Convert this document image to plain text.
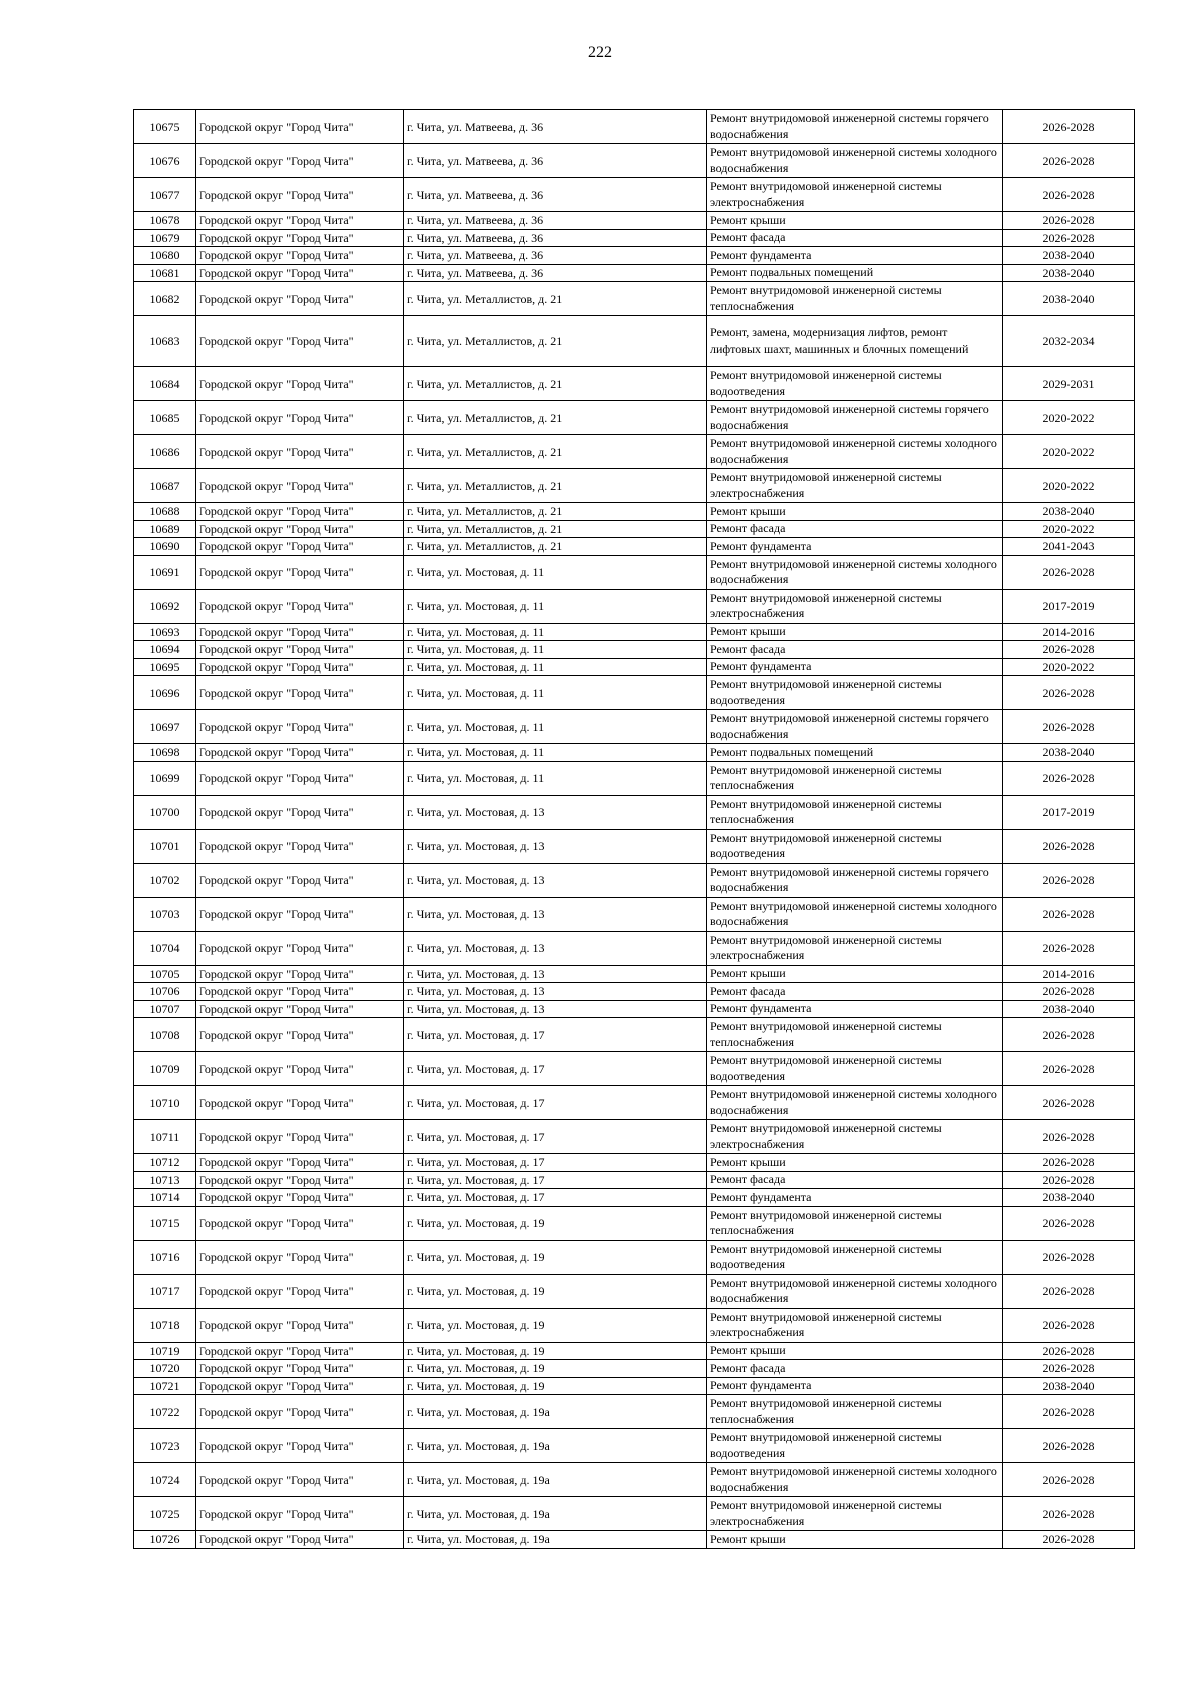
222
10675	Городской округ "Город Чита"	г. Чита, ул. Матвеева, д. 36	Ремонт внутридомовой инженерной системы горячего водоснабжения	2026-2028
10676	Городской округ "Город Чита"	г. Чита, ул. Матвеева, д. 36	Ремонт внутридомовой инженерной системы холодного водоснабжения	2026-2028
10677	Городской округ "Город Чита"	г. Чита, ул. Матвеева, д. 36	Ремонт внутридомовой инженерной системы электроснабжения	2026-2028
10678	Городской округ "Город Чита"	г. Чита, ул. Матвеева, д. 36	Ремонт крыши	2026-2028
10679	Городской округ "Город Чита"	г. Чита, ул. Матвеева, д. 36	Ремонт фасада	2026-2028
10680	Городской округ "Город Чита"	г. Чита, ул. Матвеева, д. 36	Ремонт фундамента	2038-2040
10681	Городской округ "Город Чита"	г. Чита, ул. Матвеева, д. 36	Ремонт подвальных помещений	2038-2040
10682	Городской округ "Город Чита"	г. Чита, ул. Металлистов, д. 21	Ремонт внутридомовой инженерной системы теплоснабжения	2038-2040
10683	Городской округ "Город Чита"	г. Чита, ул. Металлистов, д. 21	Ремонт, замена, модернизация лифтов, ремонт лифтовых шахт, машинных и блочных помещений	2032-2034
10684	Городской округ "Город Чита"	г. Чита, ул. Металлистов, д. 21	Ремонт внутридомовой инженерной системы водоотведения	2029-2031
10685	Городской округ "Город Чита"	г. Чита, ул. Металлистов, д. 21	Ремонт внутридомовой инженерной системы горячего водоснабжения	2020-2022
10686	Городской округ "Город Чита"	г. Чита, ул. Металлистов, д. 21	Ремонт внутридомовой инженерной системы холодного водоснабжения	2020-2022
10687	Городской округ "Город Чита"	г. Чита, ул. Металлистов, д. 21	Ремонт внутридомовой инженерной системы электроснабжения	2020-2022
10688	Городской округ "Город Чита"	г. Чита, ул. Металлистов, д. 21	Ремонт крыши	2038-2040
10689	Городской округ "Город Чита"	г. Чита, ул. Металлистов, д. 21	Ремонт фасада	2020-2022
10690	Городской округ "Город Чита"	г. Чита, ул. Металлистов, д. 21	Ремонт фундамента	2041-2043
10691	Городской округ "Город Чита"	г. Чита, ул. Мостовая, д. 11	Ремонт внутридомовой инженерной системы холодного водоснабжения	2026-2028
10692	Городской округ "Город Чита"	г. Чита, ул. Мостовая, д. 11	Ремонт внутридомовой инженерной системы электроснабжения	2017-2019
10693	Городской округ "Город Чита"	г. Чита, ул. Мостовая, д. 11	Ремонт крыши	2014-2016
10694	Городской округ "Город Чита"	г. Чита, ул. Мостовая, д. 11	Ремонт фасада	2026-2028
10695	Городской округ "Город Чита"	г. Чита, ул. Мостовая, д. 11	Ремонт фундамента	2020-2022
10696	Городской округ "Город Чита"	г. Чита, ул. Мостовая, д. 11	Ремонт внутридомовой инженерной системы водоотведения	2026-2028
10697	Городской округ "Город Чита"	г. Чита, ул. Мостовая, д. 11	Ремонт внутридомовой инженерной системы горячего водоснабжения	2026-2028
10698	Городской округ "Город Чита"	г. Чита, ул. Мостовая, д. 11	Ремонт подвальных помещений	2038-2040
10699	Городской округ "Город Чита"	г. Чита, ул. Мостовая, д. 11	Ремонт внутридомовой инженерной системы теплоснабжения	2026-2028
10700	Городской округ "Город Чита"	г. Чита, ул. Мостовая, д. 13	Ремонт внутридомовой инженерной системы теплоснабжения	2017-2019
10701	Городской округ "Город Чита"	г. Чита, ул. Мостовая, д. 13	Ремонт внутридомовой инженерной системы водоотведения	2026-2028
10702	Городской округ "Город Чита"	г. Чита, ул. Мостовая, д. 13	Ремонт внутридомовой инженерной системы горячего водоснабжения	2026-2028
10703	Городской округ "Город Чита"	г. Чита, ул. Мостовая, д. 13	Ремонт внутридомовой инженерной системы холодного водоснабжения	2026-2028
10704	Городской округ "Город Чита"	г. Чита, ул. Мостовая, д. 13	Ремонт внутридомовой инженерной системы электроснабжения	2026-2028
10705	Городской округ "Город Чита"	г. Чита, ул. Мостовая, д. 13	Ремонт крыши	2014-2016
10706	Городской округ "Город Чита"	г. Чита, ул. Мостовая, д. 13	Ремонт фасада	2026-2028
10707	Городской округ "Город Чита"	г. Чита, ул. Мостовая, д. 13	Ремонт фундамента	2038-2040
10708	Городской округ "Город Чита"	г. Чита, ул. Мостовая, д. 17	Ремонт внутридомовой инженерной системы теплоснабжения	2026-2028
10709	Городской округ "Город Чита"	г. Чита, ул. Мостовая, д. 17	Ремонт внутридомовой инженерной системы водоотведения	2026-2028
10710	Городской округ "Город Чита"	г. Чита, ул. Мостовая, д. 17	Ремонт внутридомовой инженерной системы холодного водоснабжения	2026-2028
10711	Городской округ "Город Чита"	г. Чита, ул. Мостовая, д. 17	Ремонт внутридомовой инженерной системы электроснабжения	2026-2028
10712	Городской округ "Город Чита"	г. Чита, ул. Мостовая, д. 17	Ремонт крыши	2026-2028
10713	Городской округ "Город Чита"	г. Чита, ул. Мостовая, д. 17	Ремонт фасада	2026-2028
10714	Городской округ "Город Чита"	г. Чита, ул. Мостовая, д. 17	Ремонт фундамента	2038-2040
10715	Городской округ "Город Чита"	г. Чита, ул. Мостовая, д. 19	Ремонт внутридомовой инженерной системы теплоснабжения	2026-2028
10716	Городской округ "Город Чита"	г. Чита, ул. Мостовая, д. 19	Ремонт внутридомовой инженерной системы водоотведения	2026-2028
10717	Городской округ "Город Чита"	г. Чита, ул. Мостовая, д. 19	Ремонт внутридомовой инженерной системы холодного водоснабжения	2026-2028
10718	Городской округ "Город Чита"	г. Чита, ул. Мостовая, д. 19	Ремонт внутридомовой инженерной системы электроснабжения	2026-2028
10719	Городской округ "Город Чита"	г. Чита, ул. Мостовая, д. 19	Ремонт крыши	2026-2028
10720	Городской округ "Город Чита"	г. Чита, ул. Мостовая, д. 19	Ремонт фасада	2026-2028
10721	Городской округ "Город Чита"	г. Чита, ул. Мостовая, д. 19	Ремонт фундамента	2038-2040
10722	Городской округ "Город Чита"	г. Чита, ул. Мостовая, д. 19а	Ремонт внутридомовой инженерной системы теплоснабжения	2026-2028
10723	Городской округ "Город Чита"	г. Чита, ул. Мостовая, д. 19а	Ремонт внутридомовой инженерной системы водоотведения	2026-2028
10724	Городской округ "Город Чита"	г. Чита, ул. Мостовая, д. 19а	Ремонт внутридомовой инженерной системы холодного водоснабжения	2026-2028
10725	Городской округ "Город Чита"	г. Чита, ул. Мостовая, д. 19а	Ремонт внутридомовой инженерной системы электроснабжения	2026-2028
10726	Городской округ "Город Чита"	г. Чита, ул. Мостовая, д. 19а	Ремонт крыши	2026-2028
